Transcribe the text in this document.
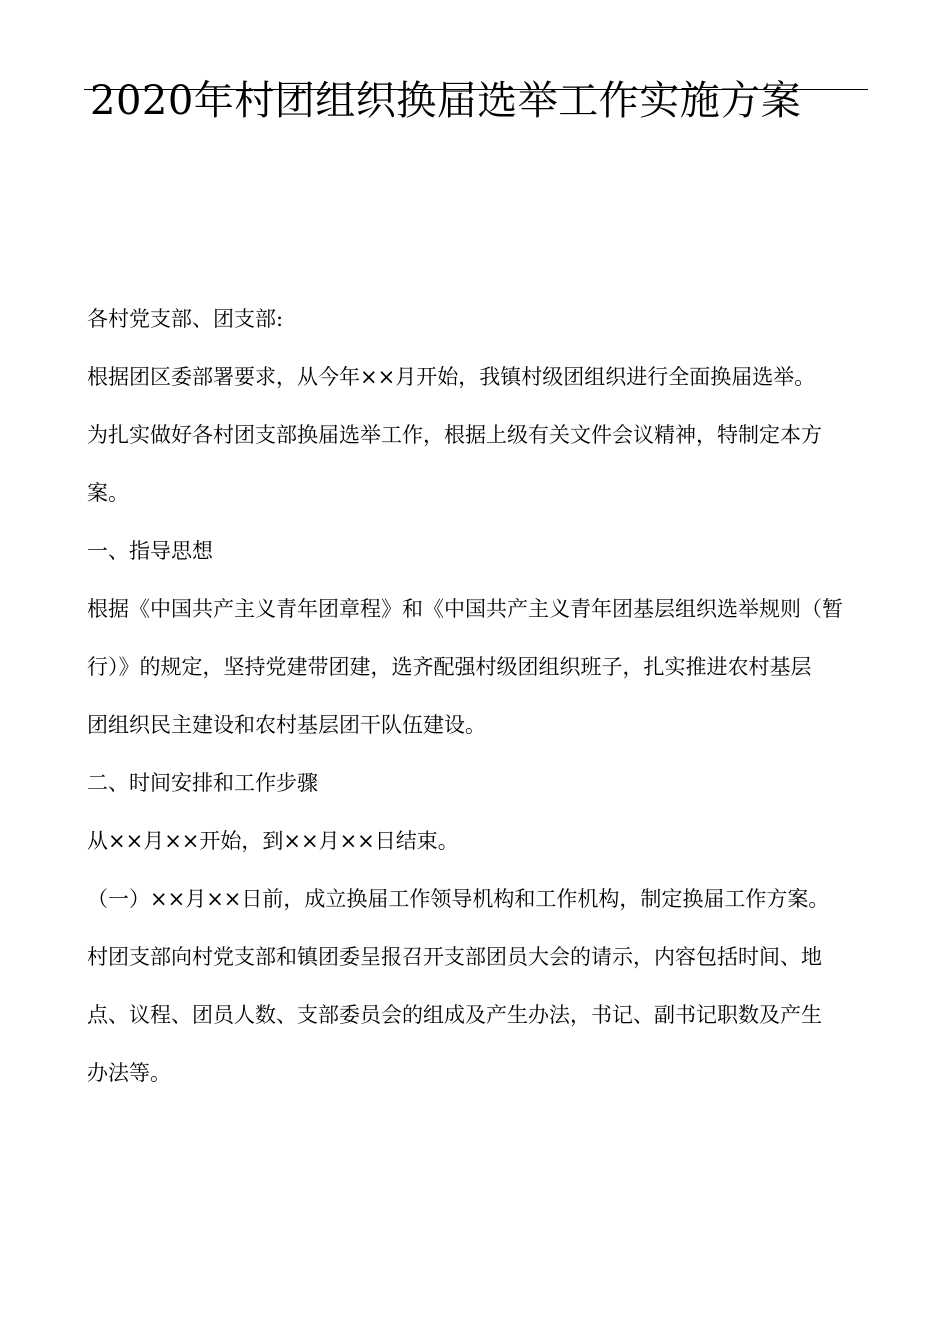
2020年村团组织换届选举工作实施方案
各村党支部、团支部:
根据团区委部署要求，从今年××月开始，我镇村级团组织进行全面换届选举。
为扎实做好各村团支部换届选举工作，根据上级有关文件会议精神，特制定本方
案。
一、指导思想
根据《中国共产主义青年团章程》和《中国共产主义青年团基层组织选举规则（暂
行）》的规定，坚持党建带团建，选齐配强村级团组织班子，扎实推进农村基层
团组织民主建设和农村基层团干队伍建设。
二、时间安排和工作步骤
从××月××开始，到××月××日结束。
（一）××月××日前，成立换届工作领导机构和工作机构，制定换届工作方案。
村团支部向村党支部和镇团委呈报召开支部团员大会的请示，内容包括时间、地
点、议程、团员人数、支部委员会的组成及产生办法，书记、副书记职数及产生
办法等。
